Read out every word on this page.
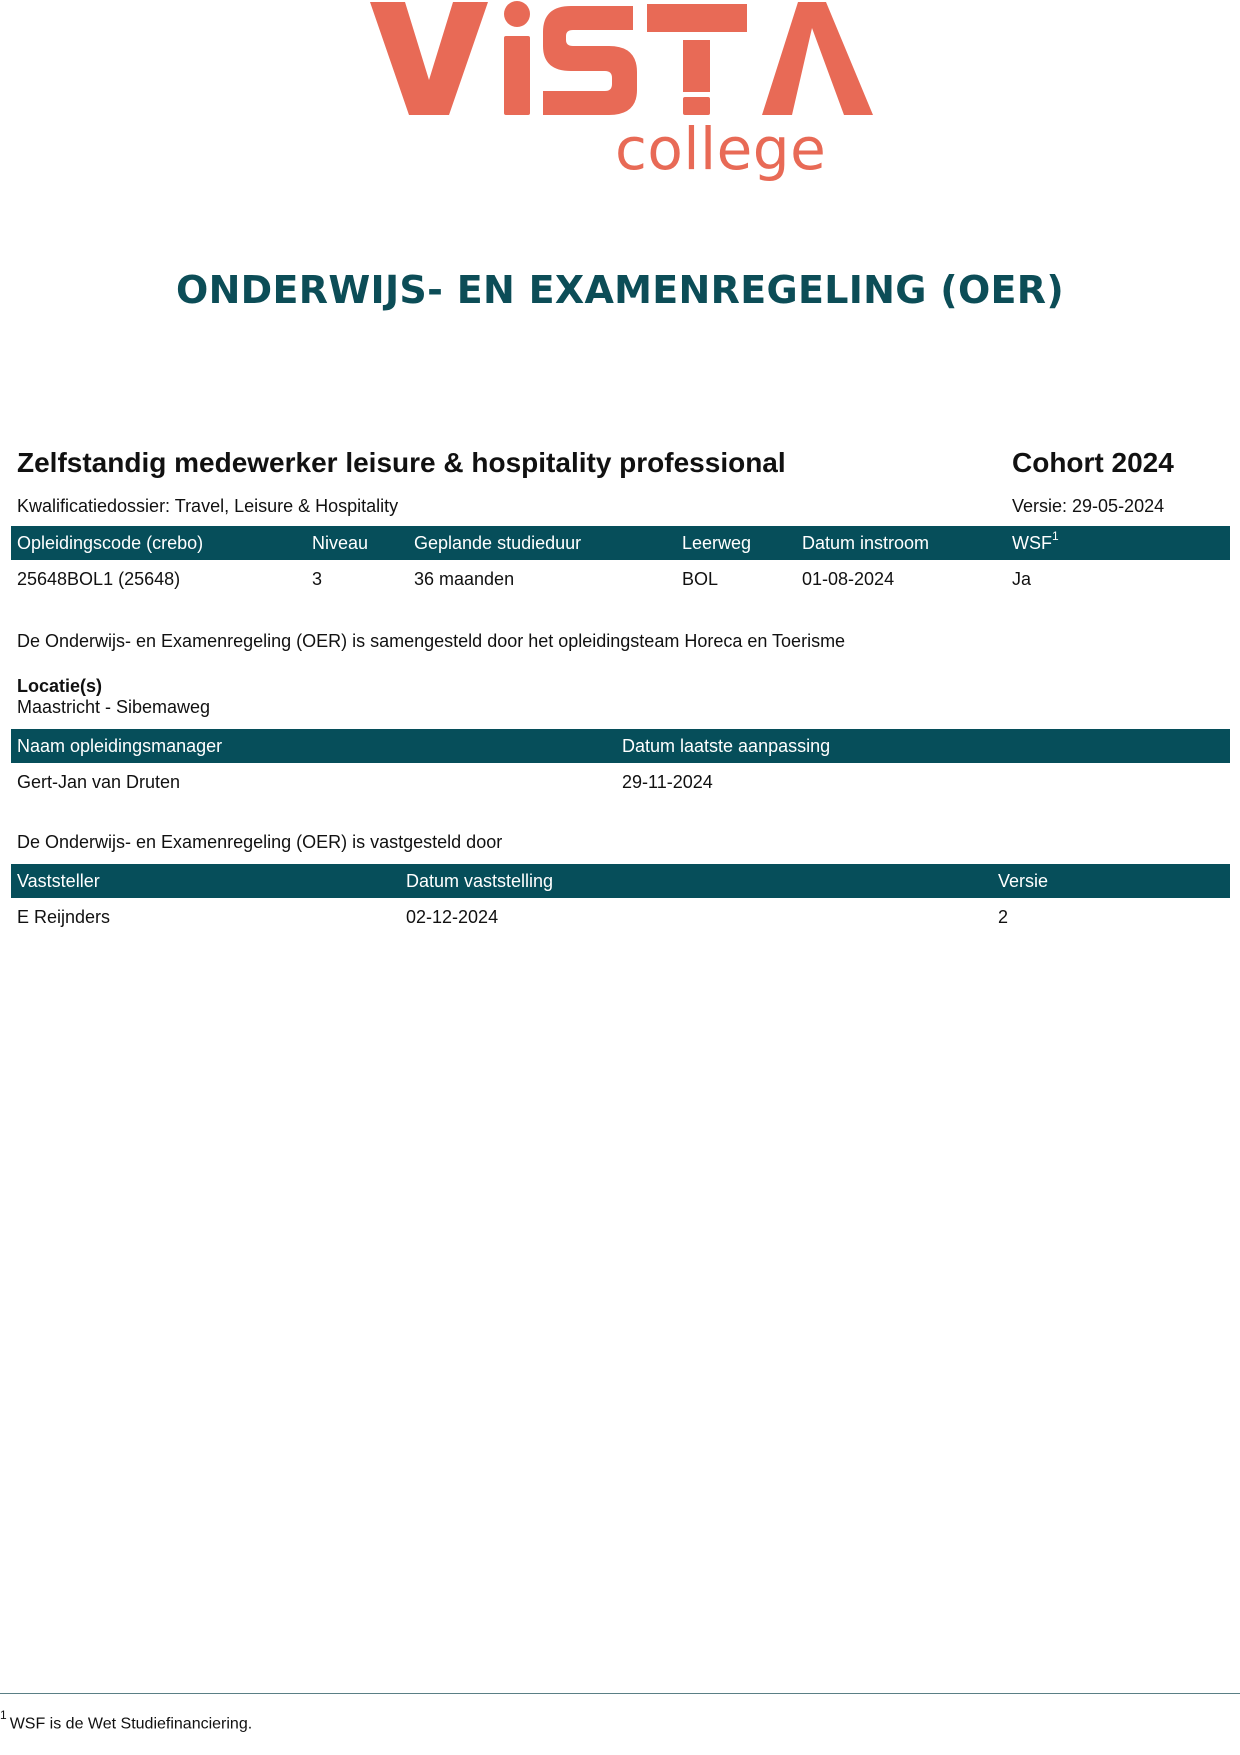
college
ONDERWIJS- EN EXAMENREGELING (OER)
Zelfstandig medewerker leisure & hospitality professional	Cohort 2024
Kwalificatiedossier: Travel, Leisure & Hospitality	Versie: 29-05-2024
Opleidingscode (crebo)	Niveau	Geplande studieduur	Leerweg	Datum instroom	WSF$^1$
25648BOL1 (25648)	3	36 maanden	BOL	01-08-2024	Ja
De Onderwijs- en Examenregeling (OER) is samengesteld door het opleidingsteam Horeca en Toerisme
Locatie(s)
Maastricht - Sibemaweg
Naam opleidingsmanager	Datum laatste aanpassing
Gert-Jan van Druten	29-11-2024
De Onderwijs- en Examenregeling (OER) is vastgesteld door
Vaststeller	Datum vaststelling	Versie
E Reijnders	02-12-2024	2
$^1$WSF is de Wet Studiefinanciering.
